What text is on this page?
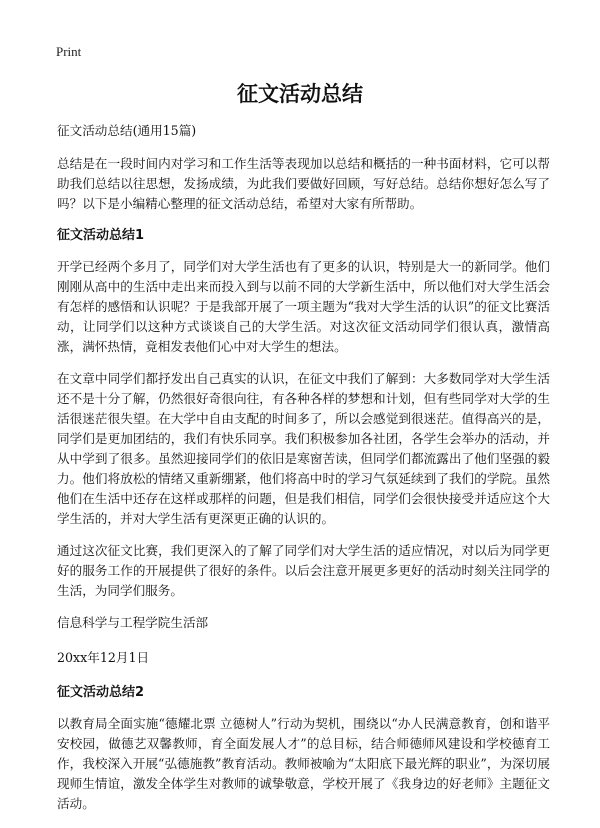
Print
征文活动总结

征文活动总结(通用15篇)

总结是在一段时间内对学习和工作生活等表现加以总结和概括的一种书面材料，它可以帮助我们总结以往思想，发扬成绩，为此我们要做好回顾，写好总结。总结你想好怎么写了吗？以下是小编精心整理的征文活动总结，希望对大家有所帮助。

征文活动总结1

开学已经两个多月了，同学们对大学生活也有了更多的认识，特别是大一的新同学。他们刚刚从高中的生活中走出来而投入到与以前不同的大学新生活中，所以他们对大学生活会有怎样的感悟和认识呢？于是我部开展了一项主题为“我对大学生活的认识”的征文比赛活动，让同学们以这种方式谈谈自己的大学生活。对这次征文活动同学们很认真，激情高涨，满怀热情，竟相发表他们心中对大学生的想法。

在文章中同学们都抒发出自己真实的认识，在征文中我们了解到：大多数同学对大学生活还不是十分了解，仍然很好奇很向往，有各种各样的梦想和计划，但有些同学对大学的生活很迷茫很失望。在大学中自由支配的时间多了，所以会感觉到很迷茫。值得高兴的是，同学们是更加团结的，我们有快乐同享。我们积极参加各社团，各学生会举办的活动，并从中学到了很多。虽然迎接同学们的依旧是寒窗苦读，但同学们都流露出了他们坚强的毅力。他们将放松的情绪又重新绷紧，他们将高中时的学习气氛延续到了我们的学院。虽然他们在生活中还存在这样或那样的问题，但是我们相信，同学们会很快接受并适应这个大学生活的，并对大学生活有更深更正确的认识的。

通过这次征文比赛，我们更深入的了解了同学们对大学生活的适应情况，对以后为同学更好的服务工作的开展提供了很好的条件。以后会注意开展更多更好的活动时刻关注同学的生活，为同学们服务。

信息科学与工程学院生活部

20xx年12月1日

征文活动总结2

以教育局全面实施“德耀北票 立德树人”行动为契机，围绕以“办人民满意教育，创和谐平安校园，做德艺双馨教师，育全面发展人才”的总目标，结合师德师风建设和学校德育工作，我校深入开展“弘德施教”教育活动。教师被喻为“太阳底下最光辉的职业”，为深切展现师生情谊，激发全体学生对教师的诚挚敬意，学校开展了《我身边的好老师》主题征文活动。
